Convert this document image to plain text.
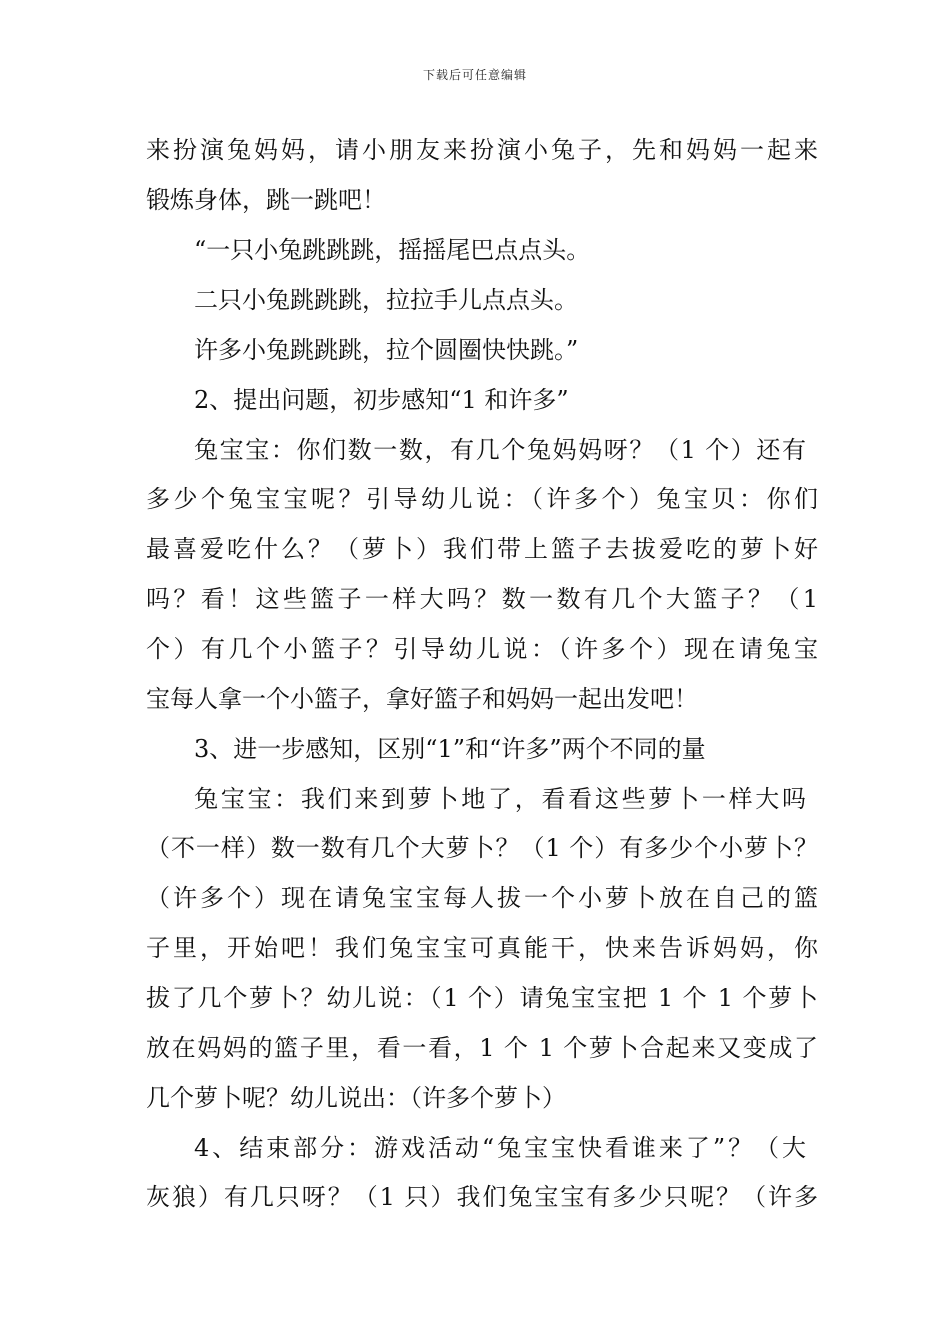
下载后可任意编辑
来扮演兔妈妈，请小朋友来扮演小兔子，先和妈妈一起来
锻炼身体，跳一跳吧！
“一只小兔跳跳跳，摇摇尾巴点点头。
二只小兔跳跳跳，拉拉手儿点点头。
许多小兔跳跳跳，拉个圆圈快快跳。”
2、提出问题，初步感知“1 和许多”
兔宝宝：你们数一数，有几个兔妈妈呀？（1 个）还有
多少个兔宝宝呢？引导幼儿说：（许多个）兔宝贝：你们
最喜爱吃什么？（萝卜）我们带上篮子去拔爱吃的萝卜好
吗？看！这些篮子一样大吗？数一数有几个大篮子？（1
个）有几个小篮子？引导幼儿说：（许多个）现在请兔宝
宝每人拿一个小篮子，拿好篮子和妈妈一起出发吧！
3、进一步感知，区别“1”和“许多”两个不同的量
兔宝宝：我们来到萝卜地了，看看这些萝卜一样大吗
（不一样）数一数有几个大萝卜？（1 个）有多少个小萝卜？
（许多个）现在请兔宝宝每人拔一个小萝卜放在自己的篮
子里，开始吧！我们兔宝宝可真能干，快来告诉妈妈，你
拔了几个萝卜？幼儿说：（1 个）请兔宝宝把 1 个 1 个萝卜
放在妈妈的篮子里，看一看，1 个 1 个萝卜合起来又变成了
几个萝卜呢？幼儿说出：（许多个萝卜）
4、结束部分：游戏活动“兔宝宝快看谁来了”？（大
灰狼）有几只呀？（1 只）我们兔宝宝有多少只呢？（许多
